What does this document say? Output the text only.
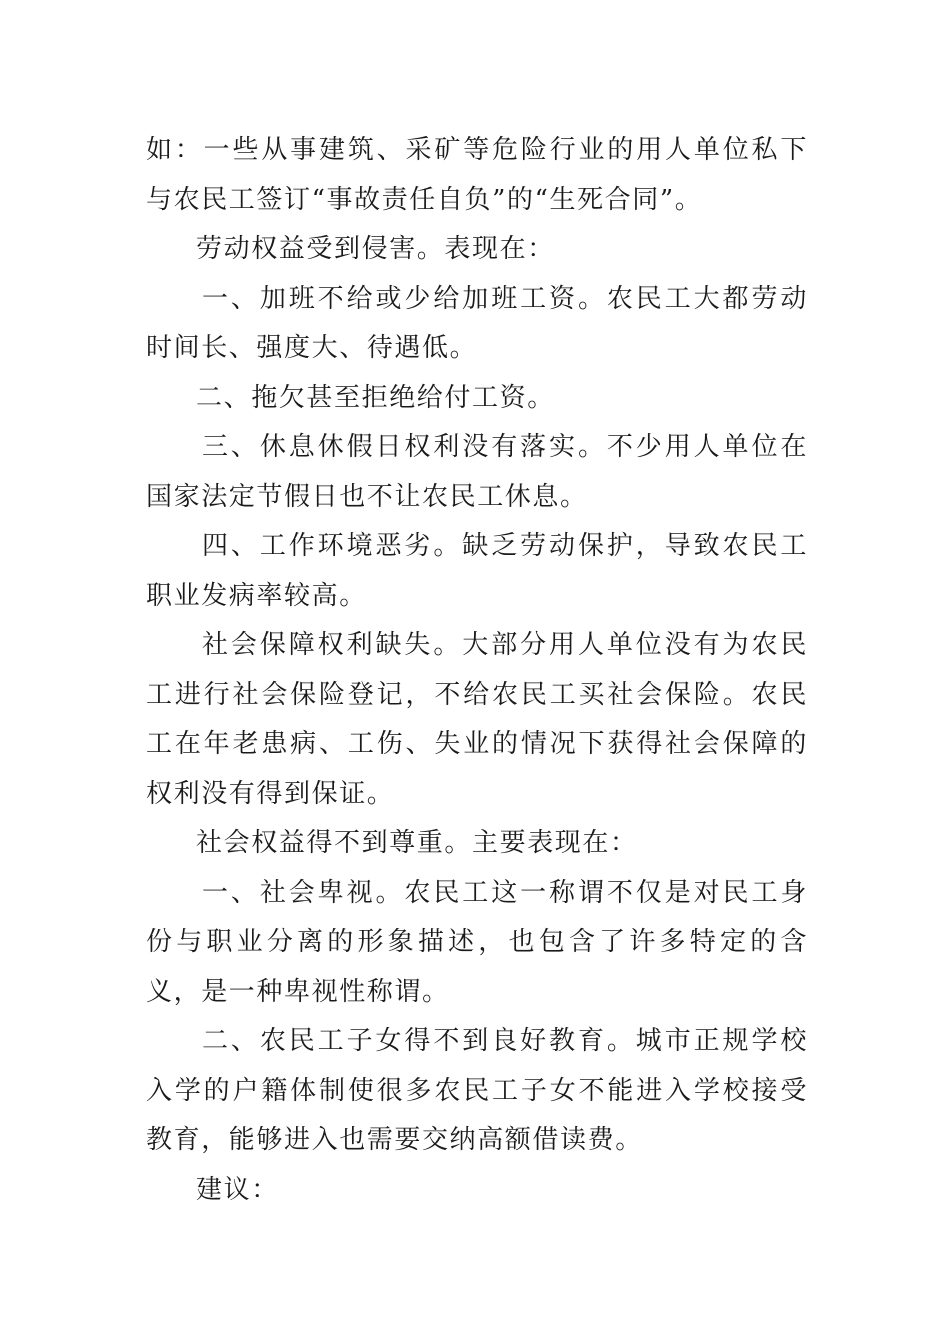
如：一些从事建筑、采矿等危险行业的用人单位私下与农民工签订“事故责任自负”的“生死合同”。

劳动权益受到侵害。表现在：

一、加班不给或少给加班工资。农民工大都劳动时间长、强度大、待遇低。

二、拖欠甚至拒绝给付工资。

三、休息休假日权利没有落实。不少用人单位在国家法定节假日也不让农民工休息。

四、工作环境恶劣。缺乏劳动保护，导致农民工职业发病率较高。

社会保障权利缺失。大部分用人单位没有为农民工进行社会保险登记，不给农民工买社会保险。农民工在年老患病、工伤、失业的情况下获得社会保障的权利没有得到保证。

社会权益得不到尊重。主要表现在：

一、社会卑视。农民工这一称谓不仅是对民工身份与职业分离的形象描述，也包含了许多特定的含义，是一种卑视性称谓。

二、农民工子女得不到良好教育。城市正规学校入学的户籍体制使很多农民工子女不能进入学校接受教育，能够进入也需要交纳高额借读费。

建议：
